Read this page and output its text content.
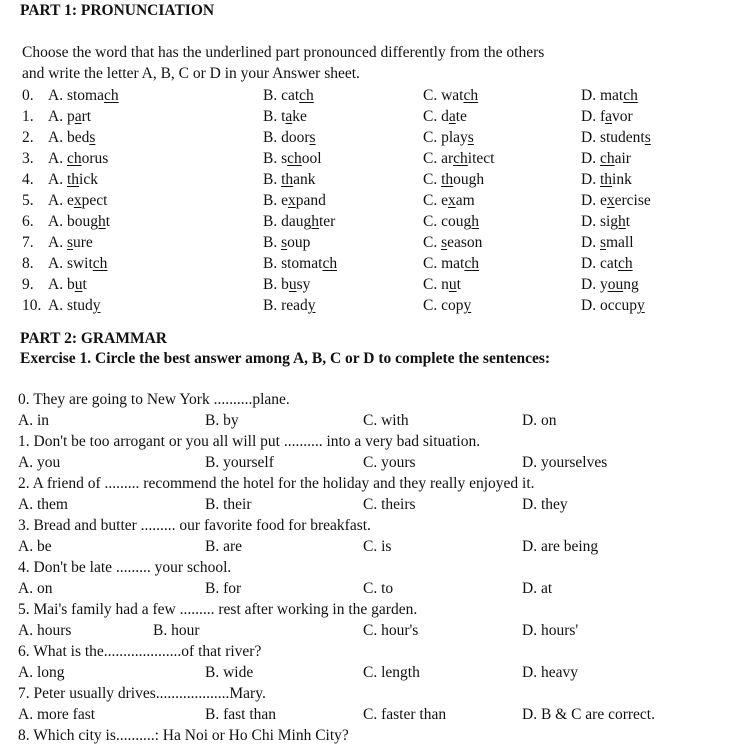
PART 1: PRONUNCIATION
Choose the word that has the underlined part pronounced differently from the others
and write the letter A, B, C or D in your Answer sheet.
0. A. stomach	B. catch	C. watch	D. match
1. A. part	B. take	C. date	D. favor
2. A. beds	B. doors	C. plays	D. students
3. A. chorus	B. school	C. architect	D. chair
4. A. thick	B. thank	C. though	D. think
5. A. expect	B. expand	C. exam	D. exercise
6. A. bought	B. daughter	C. cough	D. sight
7. A. sure	B. soup	C. season	D. small
8. A. switch	B. stomatch	C. match	D. catch
9. A. but	B. busy	C. nut	D. young
10. A. study	B. ready	C. copy	D. occupy
PART 2: GRAMMAR
Exercise 1. Circle the best answer among A, B, C or D to complete the sentences:
0. They are going to New York ..........plane.
A. in	B. by	C. with	D. on
1. Don't be too arrogant or you all will put .......... into a very bad situation.
A. you	B. yourself	C. yours	D. yourselves
2. A friend of ......... recommend the hotel for the holiday and they really enjoyed it.
A. them	B. their	C. theirs	D. they
3. Bread and butter ......... our favorite food for breakfast.
A. be	B. are	C. is	D. are being
4. Don't be late ......... your school.
A. on	B. for	C. to	D. at
5. Mai's family had a few ......... rest after working in the garden.
A. hours	B. hour	C. hour's	D. hours'
6. What is the....................of that river?
A. long	B. wide	C. length	D. heavy
7. Peter usually drives...................Mary.
A. more fast	B. fast than	C. faster than	D. B & C are correct.
8. Which city is..........: Ha Noi or Ho Chi Minh City?
